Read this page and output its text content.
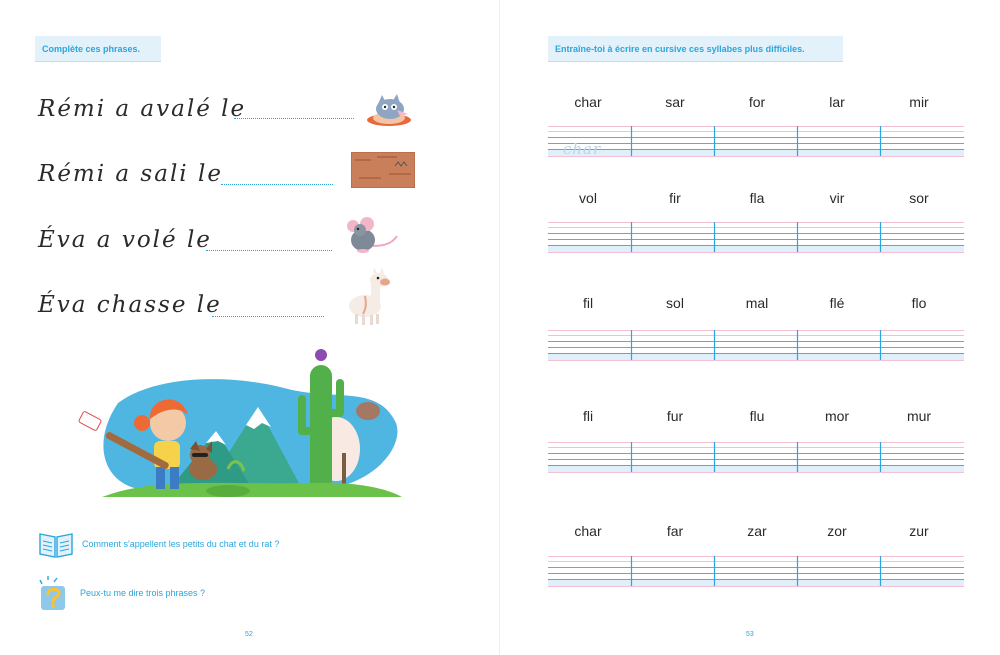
Complète ces phrases.
Rémi a avalé le
Rémi a sali le
Éva a volé le
Éva chasse le
Comment s'appellent les petits du chat et du rat ?
Peux-tu me dire trois phrases ?
52
Entraîne-toi à écrire en cursive ces syllabes plus difficiles.
char	sar	for	lar	mir
vol	fir	fla	vir	sor
fil	sol	mal	flé	flo
fli	fur	flu	mor	mur
char	far	zar	zor	zur
char
53
